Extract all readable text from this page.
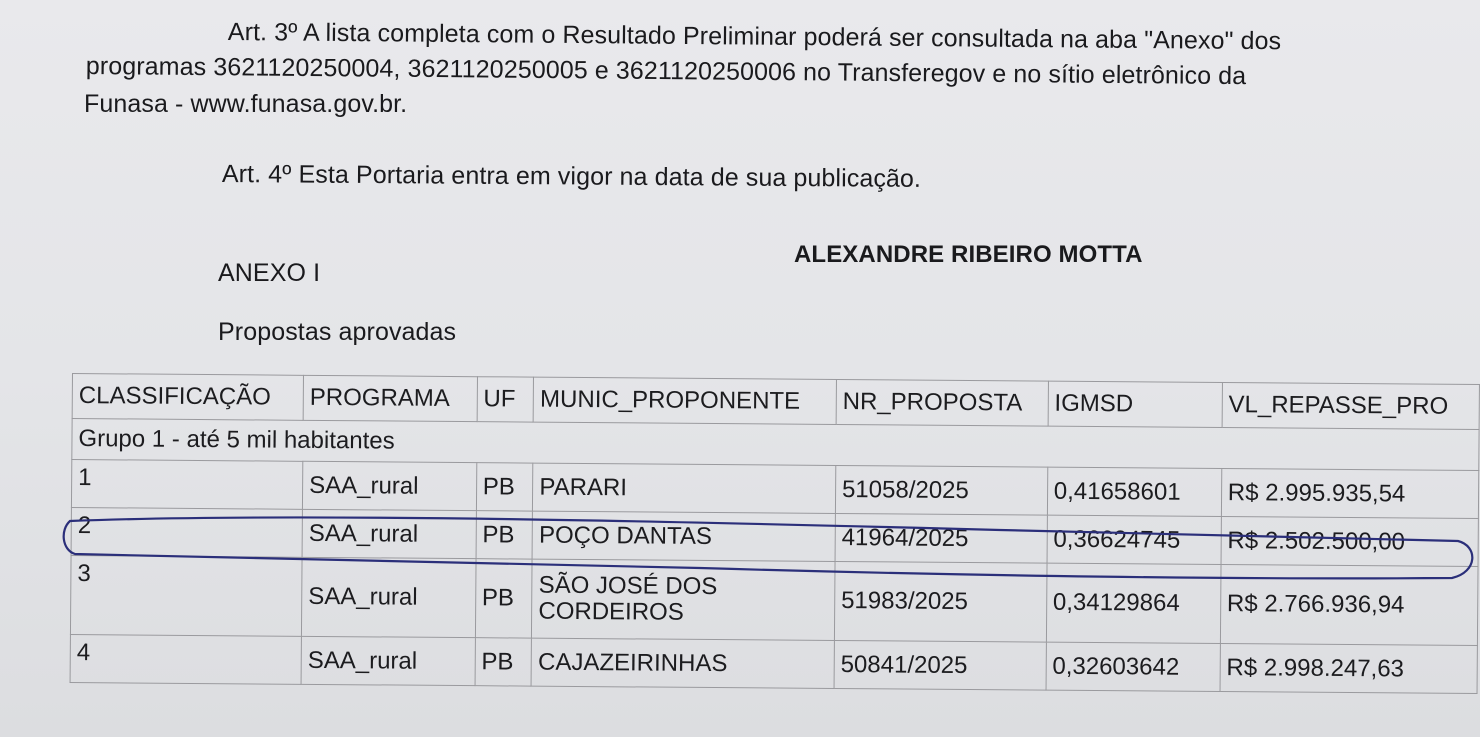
Art. 3º A lista completa com o Resultado Preliminar poderá ser consultada na aba "Anexo" dos
programas 3621120250004, 3621120250005 e 3621120250006 no Transferegov e no sítio eletrônico da
Funasa - www.funasa.gov.br.
Art. 4º Esta Portaria entra em vigor na data de sua publicação.
ALEXANDRE RIBEIRO MOTTA
ANEXO I
Propostas aprovadas
CLASSIFICAÇÃO	PROGRAMA	UF	MUNIC_PROPONENTE	NR_PROPOSTA	IGMSD	VL_REPASSE_PRO
Grupo 1 - até 5 mil habitantes						
1	SAA_rural	PB	PARARI	51058/2025	0,41658601	R$ 2.995.935,54
2	SAA_rural	PB	POÇO DANTAS	41964/2025	0,36624745	R$ 2.502.500,00
3	SAA_rural	PB	SÃO JOSÉ DOS CORDEIROS	51983/2025	0,34129864	R$ 2.766.936,94
4	SAA_rural	PB	CAJAZEIRINHAS	50841/2025	0,32603642	R$ 2.998.247,63
